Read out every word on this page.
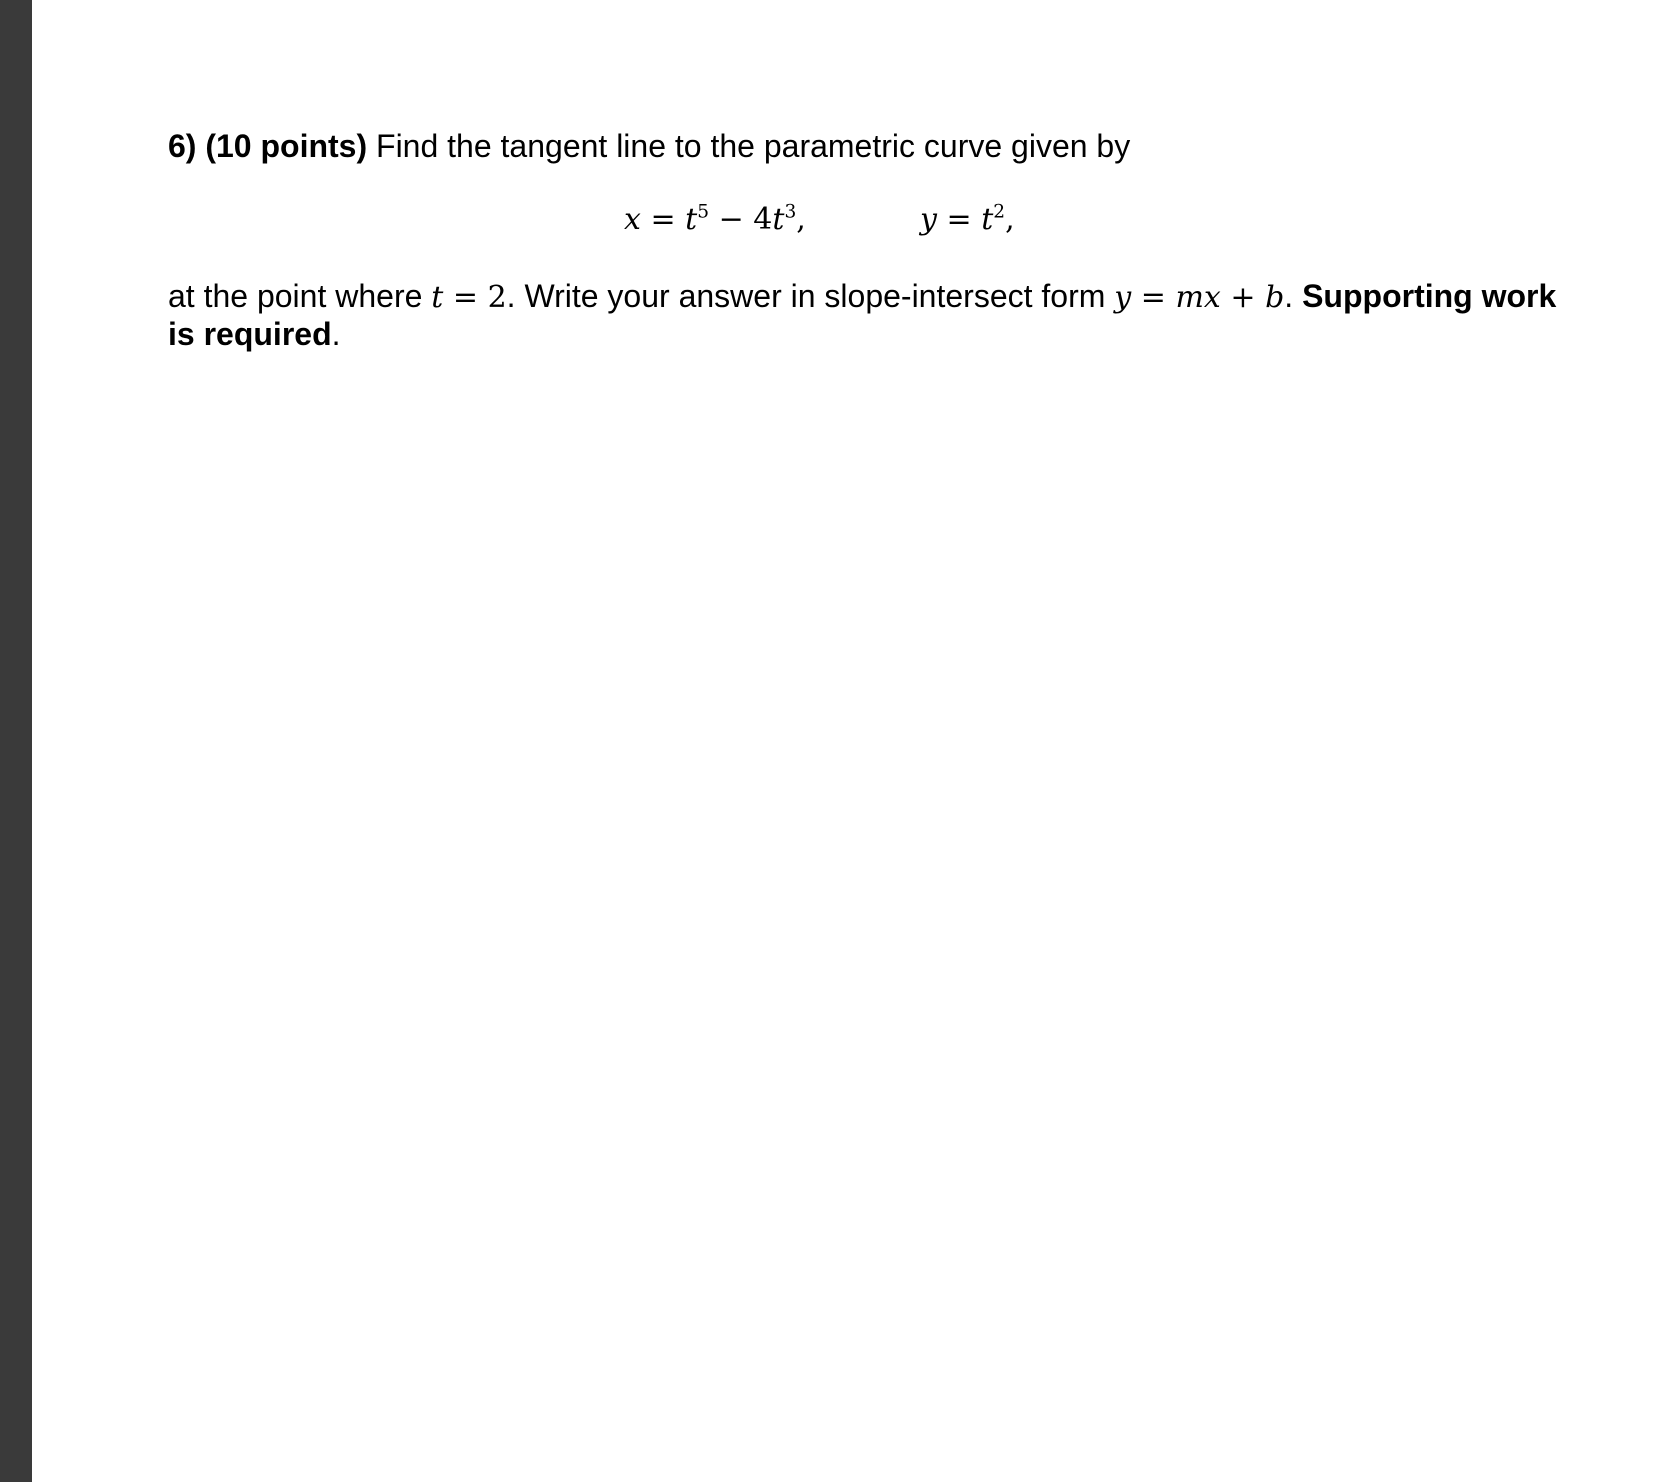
6) (10 points) Find the tangent line to the parametric curve given by
$x = t^5 - 4t^3$,	$y = t^2$,
at the point where t = 2. Write your answer in slope-intersect form y = mx + b. Supporting work is required.
